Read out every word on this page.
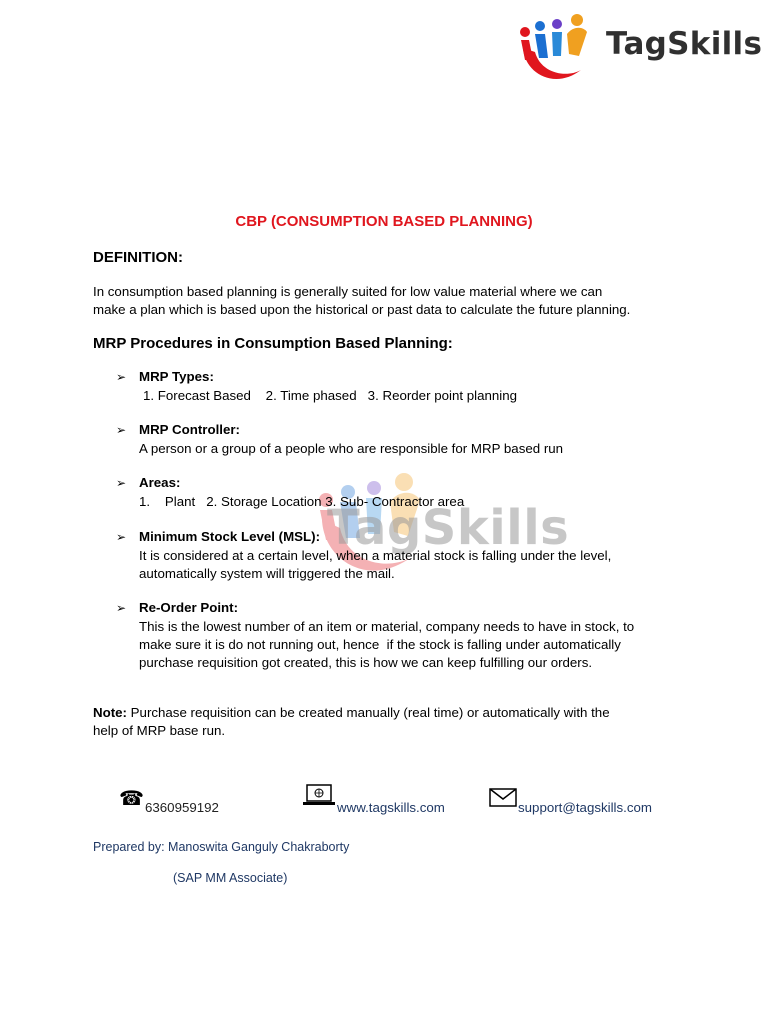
TagSkills
TagSkills
CBP (CONSUMPTION BASED PLANNING)
DEFINITION:
In consumption based planning is generally suited for low value material where we can
make a plan which is based upon the historical or past data to calculate the future planning.
MRP Procedures in Consumption Based Planning:
➢ MRP Types:
1. Forecast Based    2. Time phased   3. Reorder point planning
➢ MRP Controller:
A person or a group of a people who are responsible for MRP based run
➢ Areas:
1.    Plant   2. Storage Location 3. Sub- Contractor area
➢ Minimum Stock Level (MSL):
It is considered at a certain level, when a material stock is falling under the level,
automatically system will triggered the mail.
➢ Re-Order Point:
This is the lowest number of an item or material, company needs to have in stock, to
make sure it is do not running out, hence  if the stock is falling under automatically
purchase requisition got created, this is how we can keep fulfilling our orders.
Note: Purchase requisition can be created manually (real time) or automatically with the
help of MRP base run.
☎ 6360959192	www.tagskills.com	support@tagskills.com
Prepared by: Manoswita Ganguly Chakraborty
(SAP MM Associate)
